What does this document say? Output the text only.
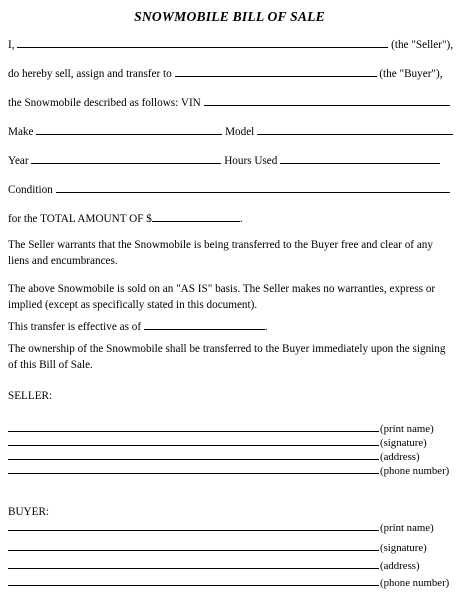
SNOWMOBILE BILL OF SALE
I,	(the "Seller"),
do hereby sell, assign and transfer to	(the "Buyer"),
the Snowmobile described as follows: VIN
Make	Model
Year	Hours Used
Condition
for the TOTAL AMOUNT OF $	.
The Seller warrants that the Snowmobile is being transferred to the Buyer free and clear of any liens and encumbrances.
The above Snowmobile is sold on an "AS IS" basis. The Seller makes no warranties, express or implied (except as specifically stated in this document).
This transfer is effective as of	.
The ownership of the Snowmobile shall be transferred to the Buyer immediately upon the signing of this Bill of Sale.
SELLER:
(print name)
(signature)
(address)
(phone number)
BUYER:
(print name)
(signature)
(address)
(phone number)
